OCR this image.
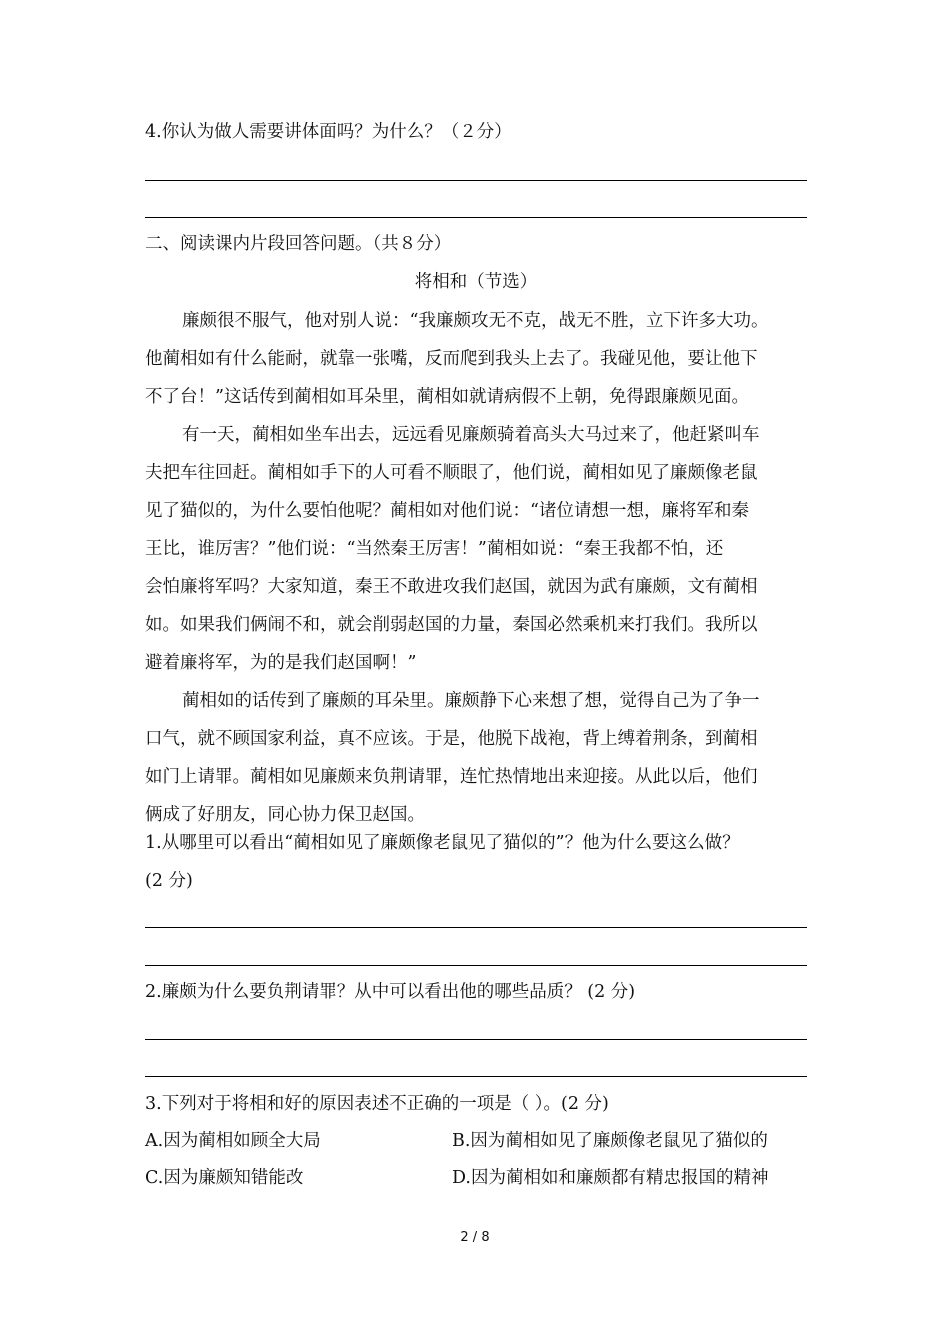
4.你认为做人需要讲体面吗？为什么？（２分）
二、阅读课内片段回答问题。（共８分）
将相和（节选）
廉颇很不服气，他对别人说：“我廉颇攻无不克，战无不胜，立下许多大功。
他蔺相如有什么能耐，就靠一张嘴，反而爬到我头上去了。我碰见他，要让他下
不了台！”这话传到蔺相如耳朵里，蔺相如就请病假不上朝，免得跟廉颇见面。
有一天，蔺相如坐车出去，远远看见廉颇骑着高头大马过来了，他赶紧叫车
夫把车往回赶。蔺相如手下的人可看不顺眼了，他们说，蔺相如见了廉颇像老鼠
见了猫似的，为什么要怕他呢？蔺相如对他们说：“诸位请想一想，廉将军和秦
王比，谁厉害？”他们说：“当然秦王厉害！”蔺相如说：“秦王我都不怕，还
会怕廉将军吗？大家知道，秦王不敢进攻我们赵国，就因为武有廉颇，文有蔺相
如。如果我们俩闹不和，就会削弱赵国的力量，秦国必然乘机来打我们。我所以
避着廉将军，为的是我们赵国啊！”
蔺相如的话传到了廉颇的耳朵里。廉颇静下心来想了想，觉得自己为了争一
口气，就不顾国家利益，真不应该。于是，他脱下战袍，背上缚着荆条，到蔺相
如门上请罪。蔺相如见廉颇来负荆请罪，连忙热情地出来迎接。从此以后，他们
俩成了好朋友，同心协力保卫赵国。
1.从哪里可以看出“蔺相如见了廉颇像老鼠见了猫似的”？他为什么要这么做？
(2 分)
2.廉颇为什么要负荆请罪？从中可以看出他的哪些品质？ (2 分)
3.下列对于将相和好的原因表述不正确的一项是（ ）。(2 分)
A.因为蔺相如顾全大局	B.因为蔺相如见了廉颇像老鼠见了猫似的
C.因为廉颇知错能改	D.因为蔺相如和廉颇都有精忠报国的精神
2 / 8
